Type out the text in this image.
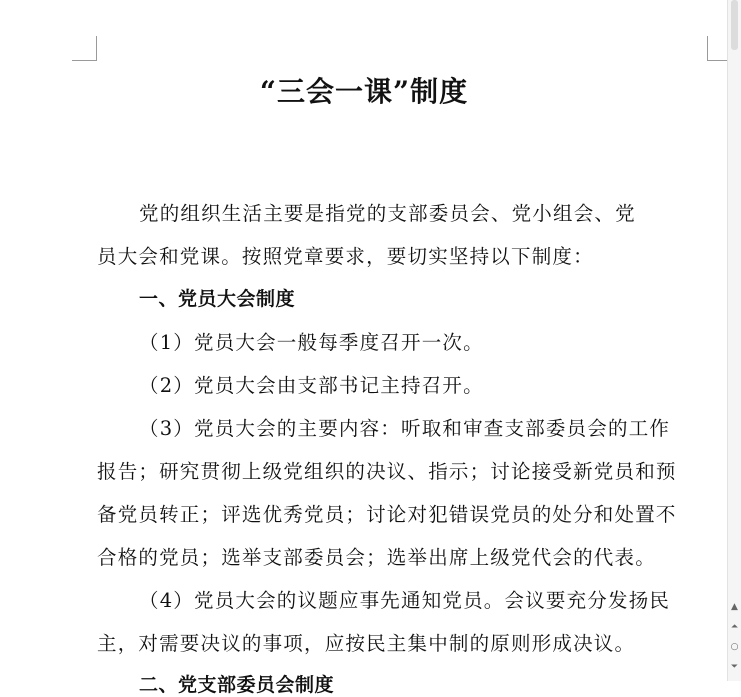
“三会一课”制度
党的组织生活主要是指党的支部委员会、党小组会、党
员大会和党课。按照党章要求，要切实坚持以下制度：
一、党员大会制度
（1）党员大会一般每季度召开一次。
（2）党员大会由支部书记主持召开。
（3）党员大会的主要内容：听取和审查支部委员会的工作
报告；研究贯彻上级党组织的决议、指示；讨论接受新党员和预
备党员转正；评选优秀党员；讨论对犯错误党员的处分和处置不
合格的党员；选举支部委员会；选举出席上级党代会的代表。
（4）党员大会的议题应事先通知党员。会议要充分发扬民
主，对需要决议的事项，应按民主集中制的原则形成决议。
二、党支部委员会制度
▲
⏶
○
⏷
